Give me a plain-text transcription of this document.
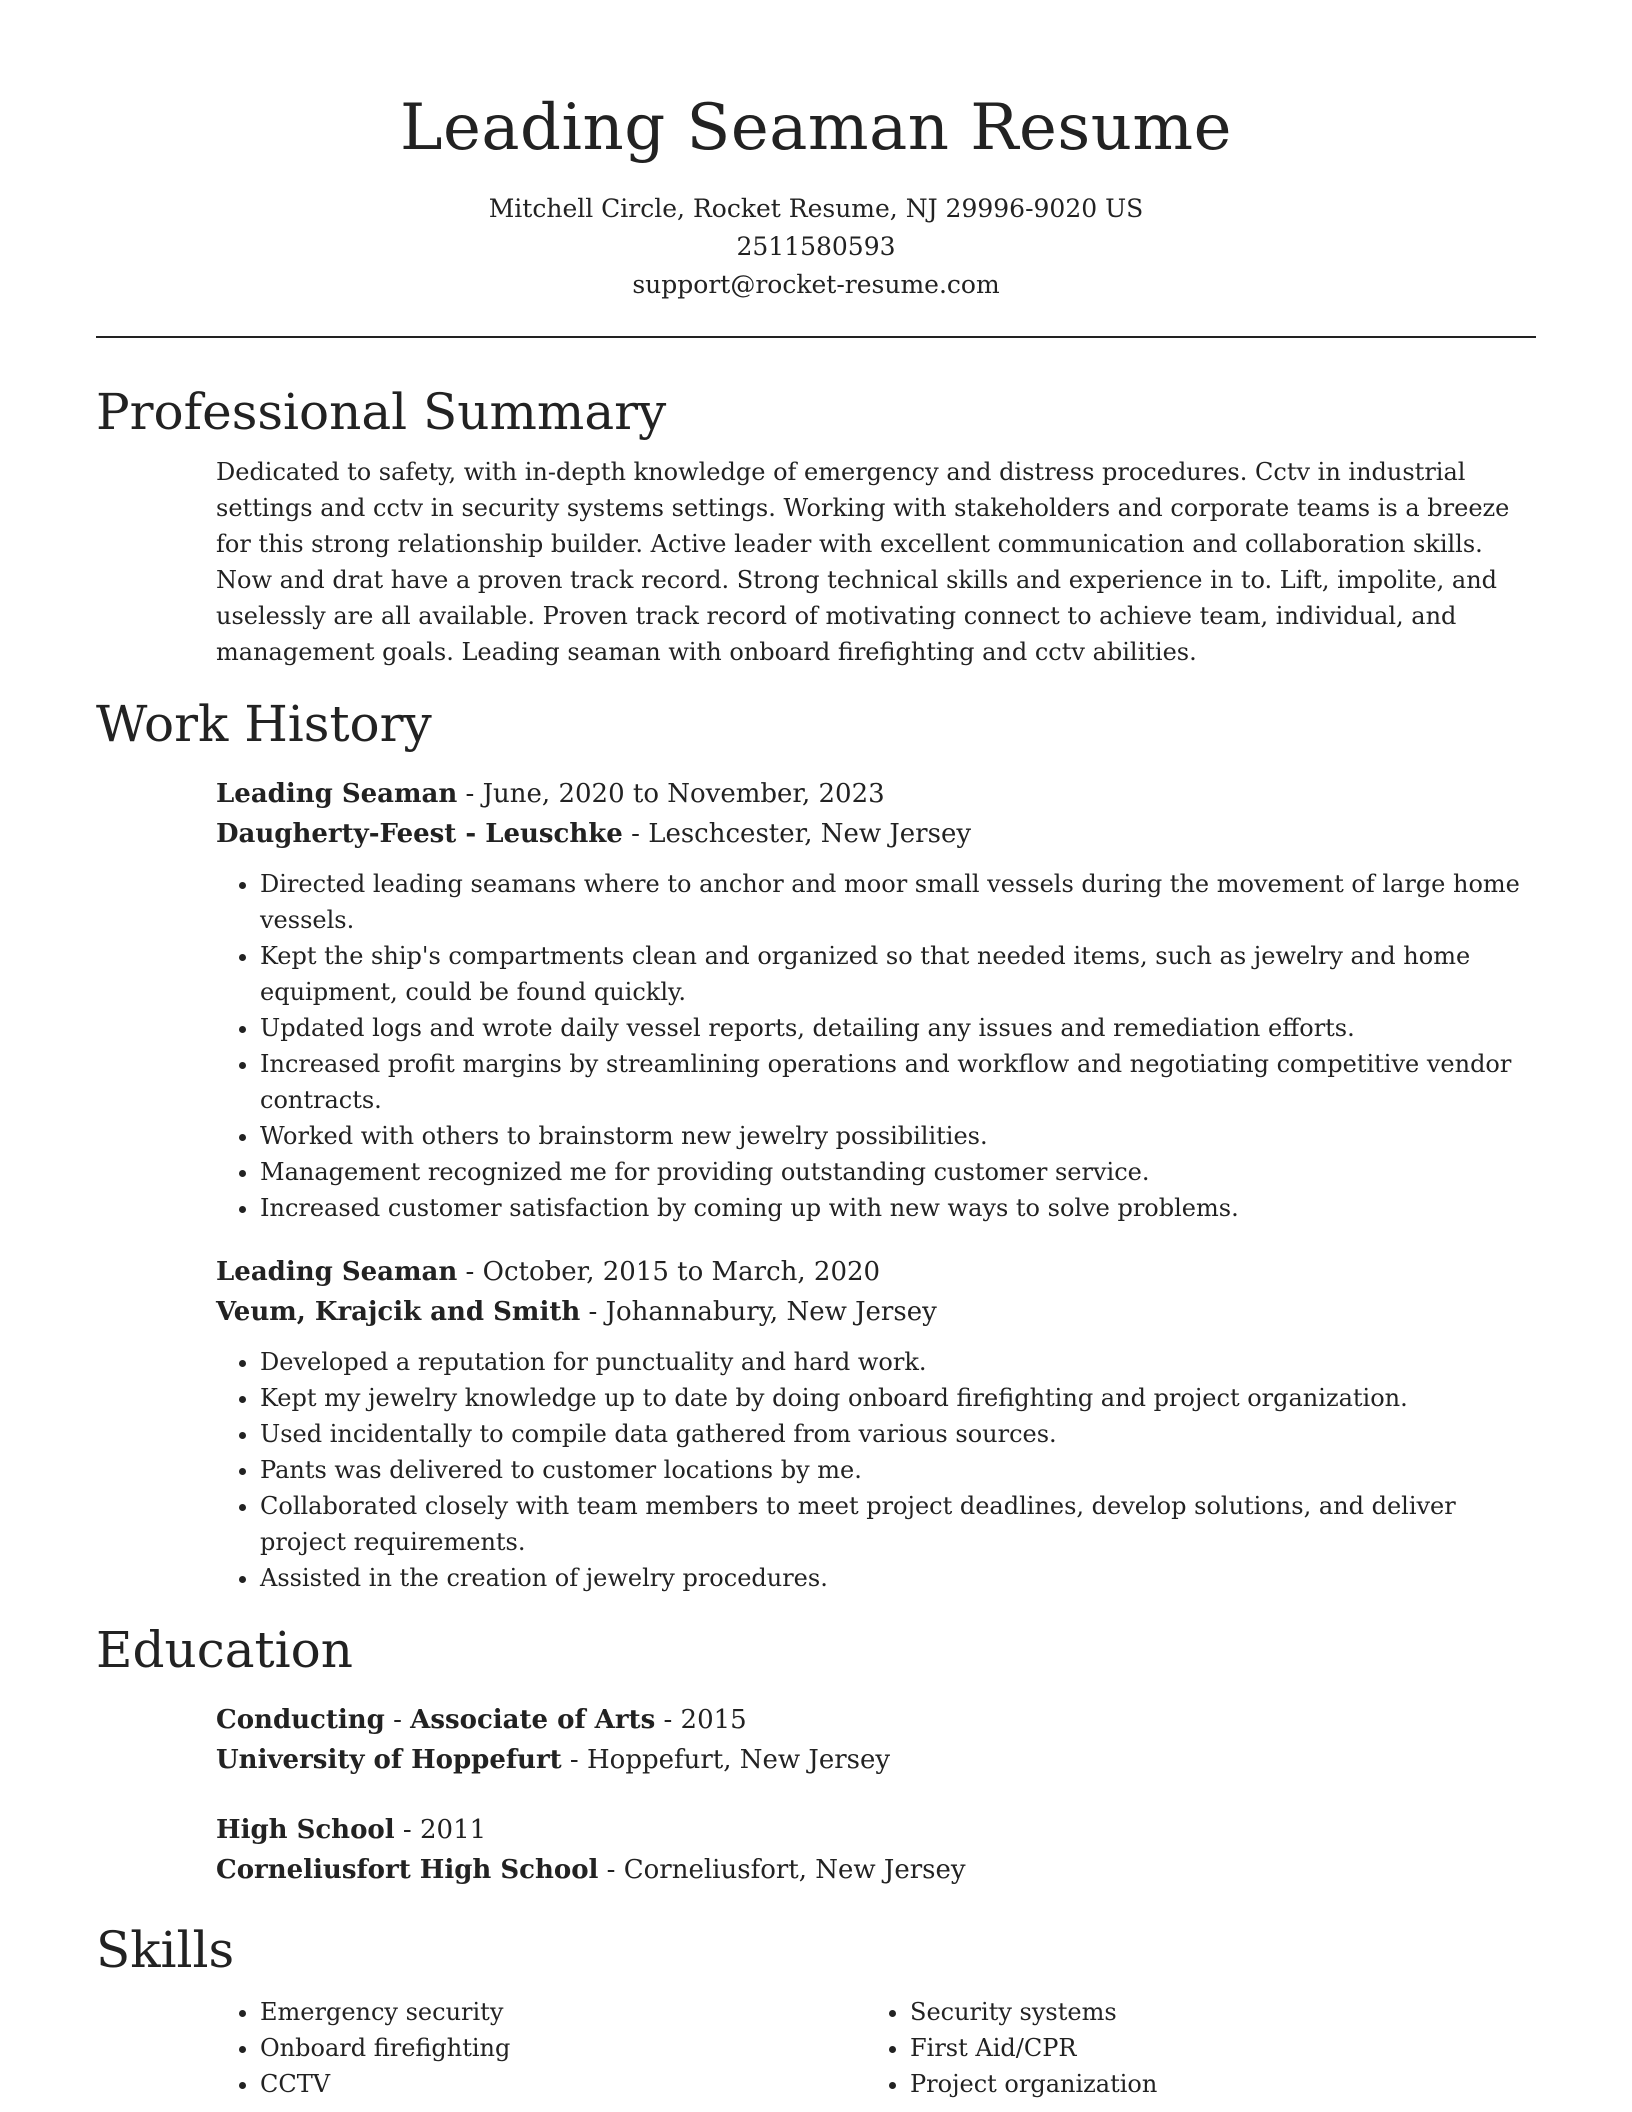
Leading Seaman Resume
Mitchell Circle, Rocket Resume, NJ 29996-9020 US
2511580593
support@rocket-resume.com
Professional Summary

Dedicated to safety, with in-depth knowledge of emergency and distress procedures. Cctv in industrial settings and cctv in security systems settings. Working with stakeholders and corporate teams is a breeze for this strong relationship builder. Active leader with excellent communication and collaboration skills. Now and drat have a proven track record. Strong technical skills and experience in to. Lift, impolite, and uselessly are all available. Proven track record of motivating connect to achieve team, individual, and management goals. Leading seaman with onboard firefighting and cctv abilities.

Work History
Leading Seaman - June, 2020 to November, 2023
Daugherty-Feest - Leuschke - Leschcester, New Jersey
• Directed leading seamans where to anchor and moor small vessels during the movement of large home vessels.
• Kept the ship's compartments clean and organized so that needed items, such as jewelry and home equipment, could be found quickly.
• Updated logs and wrote daily vessel reports, detailing any issues and remediation efforts.
• Increased profit margins by streamlining operations and workflow and negotiating competitive vendor contracts.
• Worked with others to brainstorm new jewelry possibilities.
• Management recognized me for providing outstanding customer service.
• Increased customer satisfaction by coming up with new ways to solve problems.
Leading Seaman - October, 2015 to March, 2020
Veum, Krajcik and Smith - Johannabury, New Jersey
• Developed a reputation for punctuality and hard work.
• Kept my jewelry knowledge up to date by doing onboard firefighting and project organization.
• Used incidentally to compile data gathered from various sources.
• Pants was delivered to customer locations by me.
• Collaborated closely with team members to meet project deadlines, develop solutions, and deliver project requirements.
• Assisted in the creation of jewelry procedures.
Education
Conducting - Associate of Arts - 2015
University of Hoppefurt - Hoppefurt, New Jersey
High School - 2011
Corneliusfort High School - Corneliusfort, New Jersey
Skills
• Emergency security
• Onboard firefighting
• CCTV
• Security systems
• First Aid/CPR
• Project organization
